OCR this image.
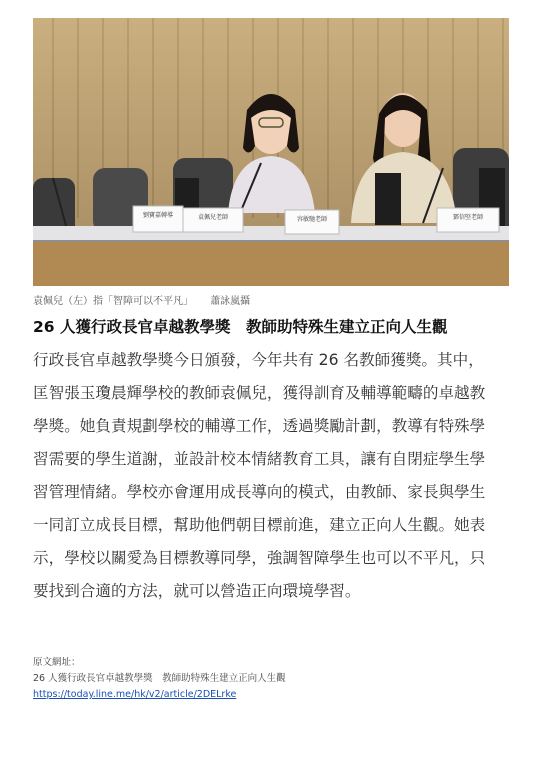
劉寶嘉轉導	袁佩兒老師	容敏馳老師	鄧信堅老師
袁佩兒（左）指「智障可以不平凡」 蕭詠嵐攝
26 人獲行政長官卓越教學獎　教師助特殊生建立正向人生觀

行政長官卓越教學獎今日頒發，今年共有 26 名教師獲獎。其中，
匡智張玉瓊晨輝學校的教師袁佩兒，獲得訓育及輔導範疇的卓越教
學獎。她負責規劃學校的輔導工作，透過獎勵計劃，教導有特殊學
習需要的學生道謝，並設計校本情緒教育工具，讓有自閉症學生學
習管理情緒。學校亦會運用成長導向的模式，由教師、家長與學生
一同訂立成長目標，幫助他們朝目標前進，建立正向人生觀。她表
示，學校以關愛為目標教導同學，強調智障學生也可以不平凡，只
要找到合適的方法，就可以營造正向環境學習。

原文網址：
26 人獲行政長官卓越教學獎　教師助特殊生建立正向人生觀
https://today.line.me/hk/v2/article/2DELrke
